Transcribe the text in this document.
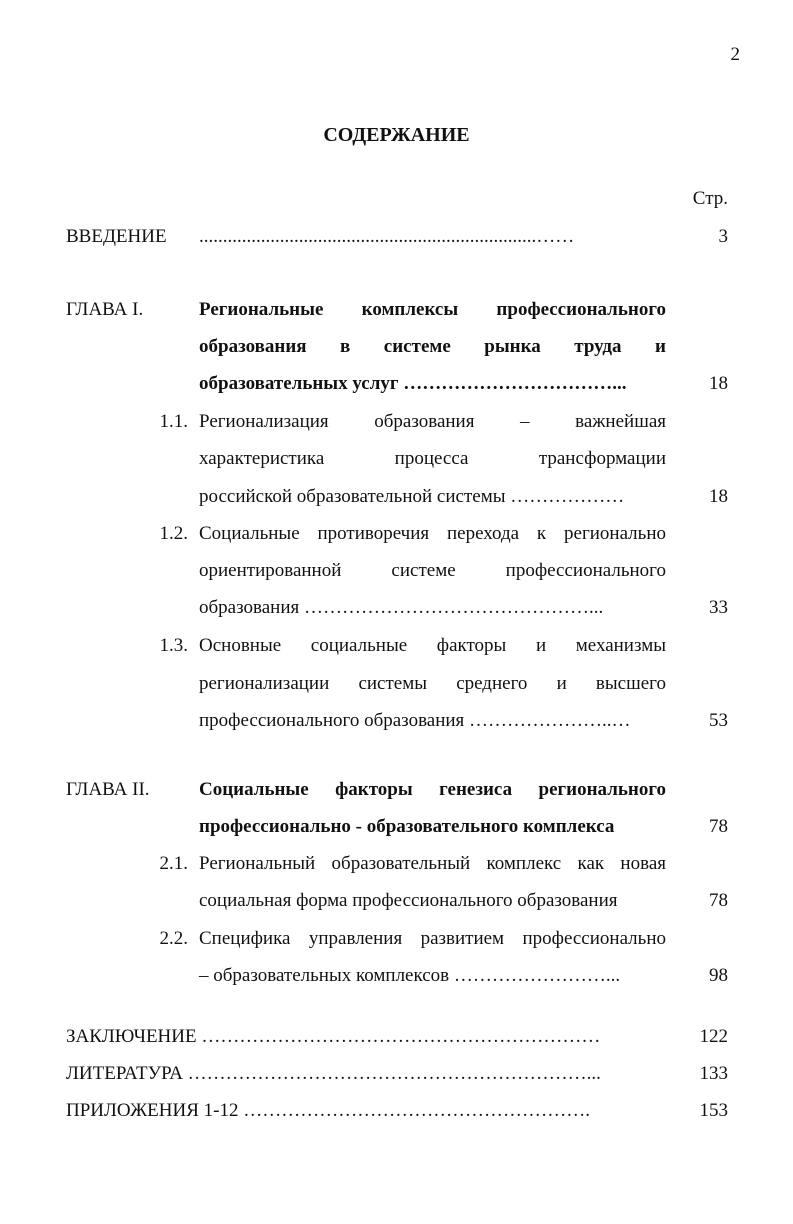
2
СОДЕРЖАНИЕ
Стр.
ВВЕДЕНИЕ .......................................................................……	3
ГЛАВА I.	Региональные комплексы профессионального
образования в системе рынка труда и
образовательных услуг ……………………………...	18
1.1. Регионализация образования – важнейшая
характеристика процесса трансформации
российской образовательной системы ………………	18
1.2. Социальные противоречия перехода к регионально
ориентированной системе профессионального
образования ………………………………………...	33
1.3. Основные социальные факторы и механизмы
регионализации системы среднего и высшего
профессионального образования …………………..…	53
ГЛАВА II.	Социальные факторы генезиса регионального
профессионально - образовательного комплекса	78
2.1. Региональный образовательный комплекс как новая
социальная форма профессионального образования	78
2.2. Специфика управления развитием профессионально
– образовательных комплексов ……………………...	98
ЗАКЛЮЧЕНИЕ ………………………………………………………	122
ЛИТЕРАТУРА ………………………………………………………...	133
ПРИЛОЖЕНИЯ 1-12 ……………………………………………….	153
